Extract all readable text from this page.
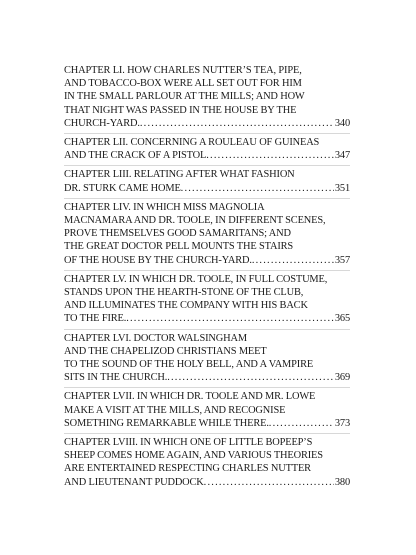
CHAPTER LI. HOW CHARLES NUTTER’S TEA, PIPE,
AND TOBACCO-BOX WERE ALL SET OUT FOR HIM
IN THE SMALL PARLOUR AT THE MILLS; AND HOW
THAT NIGHT WAS PASSED IN THE HOUSE BY THE
CHURCH-YARD. .....	340
CHAPTER LII. CONCERNING A ROULEAU OF GUINEAS
AND THE CRACK OF A PISTOL .....	347
CHAPTER LIII. RELATING AFTER WHAT FASHION
DR. STURK CAME HOME .....	351
CHAPTER LIV. IN WHICH MISS MAGNOLIA
MACNAMARA AND DR. TOOLE, IN DIFFERENT SCENES,
PROVE THEMSELVES GOOD SAMARITANS; AND
THE GREAT DOCTOR PELL MOUNTS THE STAIRS
OF THE HOUSE BY THE CHURCH-YARD. .....	357
CHAPTER LV. IN WHICH DR. TOOLE, IN FULL COSTUME,
STANDS UPON THE HEARTH-STONE OF THE CLUB,
AND ILLUMINATES THE COMPANY WITH HIS BACK
TO THE FIRE. .....	365
CHAPTER LVI. DOCTOR WALSINGHAM
AND THE CHAPELIZOD CHRISTIANS MEET
TO THE SOUND OF THE HOLY BELL, AND A VAMPIRE
SITS IN THE CHURCH. .....	369
CHAPTER LVII. IN WHICH DR. TOOLE AND MR. LOWE
MAKE A VISIT AT THE MILLS, AND RECOGNISE
SOMETHING REMARKABLE WHILE THERE. .....	373
CHAPTER LVIII. IN WHICH ONE OF LITTLE BOPEEP’S
SHEEP COMES HOME AGAIN, AND VARIOUS THEORIES
ARE ENTERTAINED RESPECTING CHARLES NUTTER
AND LIEUTENANT PUDDOCK .....	380
